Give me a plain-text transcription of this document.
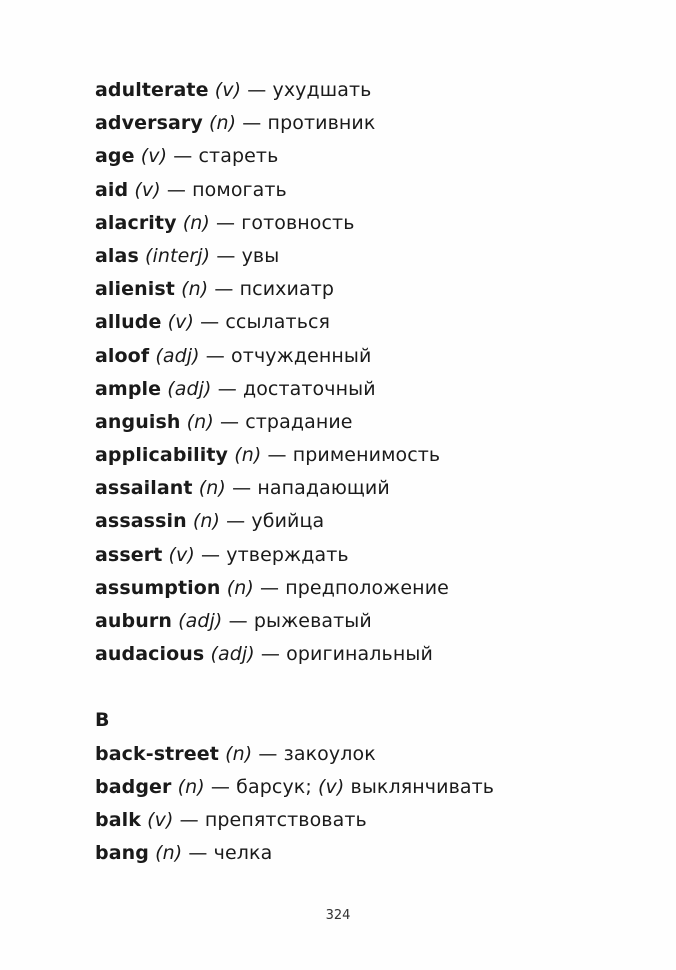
adulterate (v) — ухудшать
adversary (n) — противник
age (v) — стареть
aid (v) — помогать
alacrity (n) — готовность
alas (interj) — увы
alienist (n) — психиатр
allude (v) — ссылаться
aloof (adj) — отчужденный
ample (adj) — достаточный
anguish (n) — страдание
applicability (n) — применимость
assailant (n) — нападающий
assassin (n) — убийца
assert (v) — утверждать
assumption (n) — предположение
auburn (adj) — рыжеватый
audacious (adj) — оригинальный
B
back-street (n) — закоулок
badger (n) — барсук; (v) выклянчивать
balk (v) — препятствовать
bang (n) — челка
324
